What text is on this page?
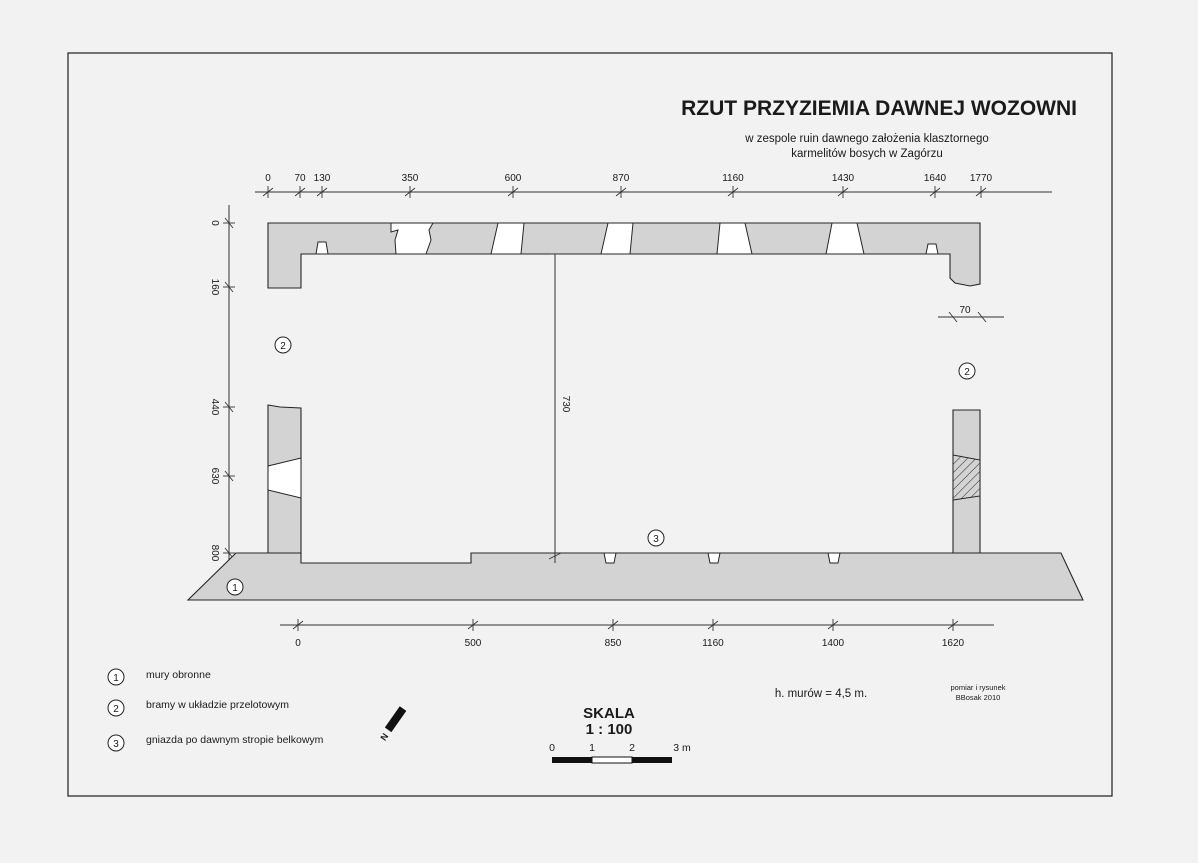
RZUT PRZYZIEMIA DAWNEJ WOZOWNI
w zespole ruin dawnego założenia klasztornego
karmelitów bosych w Zagórzu
0 70 130	350	600	870	1160	1430	1640 1770
0
160
440
630
800
0	500	850	1160	1400	1620
730
70
1
2
2
3
1	mury obronne
2	bramy w układzie przelotowym
3	gniazda po dawnym stropie belkowym	N
SKALA
1 : 100
0	1	2	3 m
h. murów = 4,5 m.
pomiar i rysunek
BBosak 2010
